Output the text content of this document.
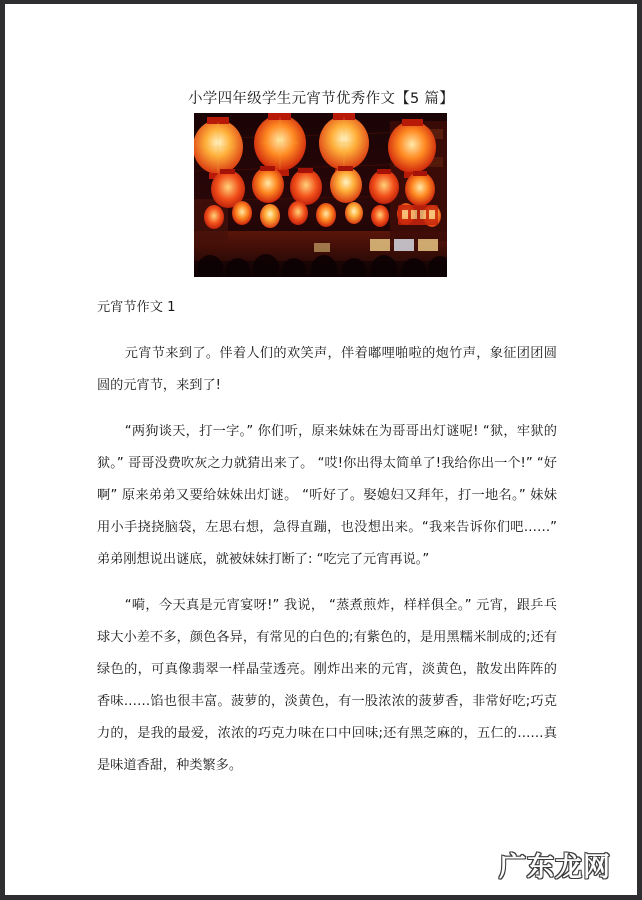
小学四年级学生元宵节优秀作文【5 篇】
元宵节作文 1

元宵节来到了。伴着人们的欢笑声，伴着嘟哩啪啦的炮竹声，象征团团圆圆的元宵节，来到了!

“两狗谈天，打一字。” 你们听，原来妹妹在为哥哥出灯谜呢! “狱，牢狱的狱。” 哥哥没费吹灰之力就猜出来了。 “哎!你出得太简单了!我给你出一个!” “好啊” 原来弟弟又要给妹妹出灯谜。 “听好了。娶媳妇又拜年，打一地名。” 妹妹用小手挠挠脑袋，左思右想，急得直蹦，也没想出来。“我来告诉你们吧……” 弟弟刚想说出谜底，就被妹妹打断了: “吃完了元宵再说。”

“嗬，今天真是元宵宴呀!” 我说， “蒸煮煎炸，样样俱全。” 元宵，跟乒乓球大小差不多，颜色各异，有常见的白色的;有紫色的，是用黑糯米制成的;还有绿色的，可真像翡翠一样晶莹透亮。刚炸出来的元宵，淡黄色，散发出阵阵的香味……馅也很丰富。菠萝的，淡黄色，有一股浓浓的菠萝香，非常好吃;巧克力的，是我的最爱，浓浓的巧克力味在口中回味;还有黑芝麻的，五仁的……真是味道香甜，种类繁多。

广东龙网
